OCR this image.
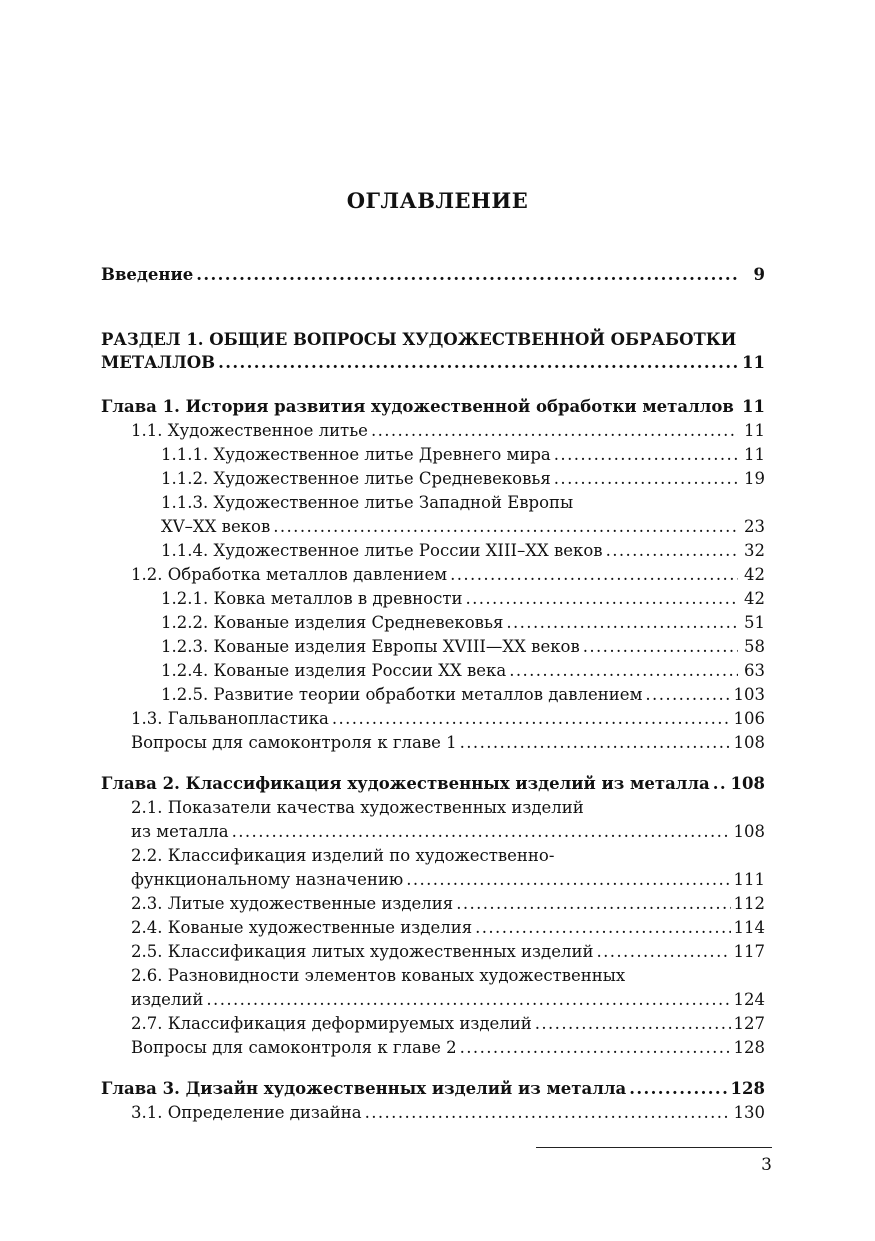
ОГЛАВЛЕНИЕ
Введение .....	9
РАЗДЕЛ 1. ОБЩИЕ ВОПРОСЫ ХУДОЖЕСТВЕННОЙ ОБРАБОТКИ
МЕТАЛЛОВ .....	11
Глава 1. История развития художественной обработки металлов ..... 11
1.1. Художественное литье .....	11
1.1.1. Художественное литье Древнего мира .....	11
1.1.2. Художественное литье Средневековья .....	19
1.1.3. Художественное литье Западной Европы
XV–XX веков .....	23
1.1.4. Художественное литье России XIII–XX веков .....	32
1.2. Обработка металлов давлением .....	42
1.2.1. Ковка металлов в древности .....	42
1.2.2. Кованые изделия Средневековья .....	51
1.2.3. Кованые изделия Европы XVIII—XX веков .....	58
1.2.4. Кованые изделия России XX века .....	63
1.2.5. Развитие теории обработки металлов давлением .....	103
1.3. Гальванопластика .....	106
Вопросы для самоконтроля к главе 1 .....	108
Глава 2. Классификация художественных изделий из металла ..... 108
2.1. Показатели качества художественных изделий
из металла .....	108
2.2. Классификация изделий по художественно-
функциональному назначению .....	111
2.3. Литые художественные изделия .....	112
2.4. Кованые художественные изделия .....	114
2.5. Классификация литых художественных изделий .....	117
2.6. Разновидности элементов кованых художественных
изделий .....	124
2.7. Классификация деформируемых изделий .....	127
Вопросы для самоконтроля к главе 2 .....	128
Глава 3. Дизайн художественных изделий из металла .....	128
3.1. Определение дизайна .....	130
3
